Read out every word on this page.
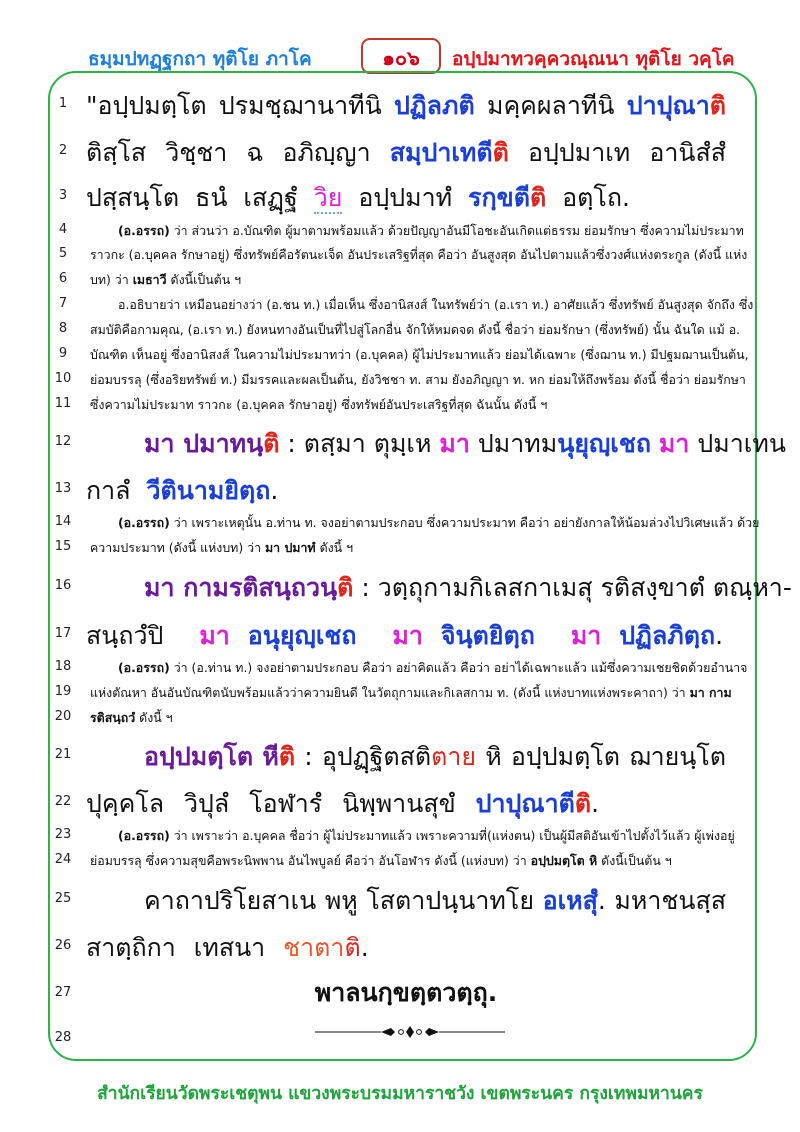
ธมฺมปทฏฺฐกถา ทุติโย ภาโค	๑๐๖	อปฺปมาทวคฺควณฺณนา ทุติโย วคฺโค
1
2
3
4
5
6
7
8
9
10
11
12
13
14
15
16
17
18
19
20
21
22
23
24
25
26
27
28
"อปฺปมตฺโต ปรมชฺฌานาทีนิ ปฏิลภติ มคฺคผลาทีนิ ปาปุณาติ
ติสฺโส วิชฺชา ฉ อภิญฺญา สมฺปาเทตีติ อปฺปมาเท อานิสํสํ
ปสฺสนฺโต ธนํ เสฏฺฐํ วิย อปฺปมาทํ รกฺขตีติ อตฺโถ.
(อ.อรรถ) ว่า ส่วนว่า อ.บัณฑิต ผู้มาตามพร้อมแล้ว ด้วยปัญญาอันมีโอชะอันเกิดแต่ธรรม ย่อมรักษา ซึ่งความไม่ประมาท
ราวกะ (อ.บุคคล รักษาอยู่) ซึ่งทรัพย์คือรัตนะเจ็ด อันประเสริฐที่สุด คือว่า อันสูงสุด อันไปตามแล้วซึ่งวงศ์แห่งตระกูล (ดังนี้ แห่ง
บท) ว่า เมธาวี ดังนี้เป็นต้น ฯ
อ.อธิบายว่า เหมือนอย่างว่า (อ.ชน ท.) เมื่อเห็น ซึ่งอานิสงส์ ในทรัพย์ว่า (อ.เรา ท.) อาศัยแล้ว ซึ่งทรัพย์ อันสูงสุด จักถึง ซึ่ง
สมบัติคือกามคุณ, (อ.เรา ท.) ยังหนทางอันเป็นที่ไปสู่โลกอื่น จักให้หมดจด ดังนี้ ชื่อว่า ย่อมรักษา (ซึ่งทรัพย์) นั้น ฉันใด แม้ อ.
บัณฑิต เห็นอยู่ ซึ่งอานิสงส์ ในความไม่ประมาทว่า (อ.บุคคล) ผู้ไม่ประมาทแล้ว ย่อมได้เฉพาะ (ซึ่งฌาน ท.) มีปฐมฌานเป็นต้น,
ย่อมบรรลุ (ซึ่งอริยทรัพย์ ท.) มีมรรคและผลเป็นต้น, ยังวิชชา ท. สาม ยังอภิญญา ท. หก ย่อมให้ถึงพร้อม ดังนี้ ชื่อว่า ย่อมรักษา
ซึ่งความไม่ประมาท ราวกะ (อ.บุคคล รักษาอยู่) ซึ่งทรัพย์อันประเสริฐที่สุด ฉันนั้น ดังนี้ ฯ
มา ปมาทนฺติ : ตสฺมา ตุมฺเห มา ปมาทมนุยุญฺเชถ มา ปมาเทน
กาลํ วีตินามยิตฺถ.
(อ.อรรถ) ว่า เพราะเหตุนั้น อ.ท่าน ท. จงอย่าตามประกอบ ซึ่งความประมาท คือว่า อย่ายังกาลให้น้อมล่วงไปวิเศษแล้ว ด้วย
ความประมาท (ดังนี้ แห่งบท) ว่า มา ปมาทํ ดังนี้ ฯ
มา กามรติสนฺถวนฺติ : วตฺถุกามกิเลสกาเมสุ รติสงฺขาตํ ตณฺหา-
สนฺถวํปิ มา อนุยุญฺเชถ มา จินฺตยิตฺถ มา ปฏิลภิตฺถ.
(อ.อรรถ) ว่า (อ.ท่าน ท.) จงอย่าตามประกอบ คือว่า อย่าคิดแล้ว คือว่า อย่าได้เฉพาะแล้ว แม้ซึ่งความเชยชิดด้วยอำนาจ
แห่งตัณหา อันอันบัณฑิตนับพร้อมแล้วว่าความยินดี ในวัตถุกามและกิเลสกาม ท. (ดังนี้ แห่งบาทแห่งพระคาถา) ว่า มา กาม
รติสนฺถวํ ดังนี้ ฯ
อปฺปมตฺโต หีติ : อุปฏฺฐิตสติตาย หิ อปฺปมตฺโต ฌายนฺโต
ปุคฺคโล วิปุลํ โอฬารํ นิพฺพานสุขํ ปาปุณาตีติ.
(อ.อรรถ) ว่า เพราะว่า อ.บุคคล ชื่อว่า ผู้ไม่ประมาทแล้ว เพราะความที่(แห่งตน) เป็นผู้มีสติอันเข้าไปตั้งไว้แล้ว ผู้เพ่งอยู่
ย่อมบรรลุ ซึ่งความสุขคือพระนิพพาน อันไพบูลย์ คือว่า อันโอฬาร ดังนี้ (แห่งบท) ว่า อปฺปมตฺโต หิ ดังนี้เป็นต้น ฯ
คาถาปริโยสาเน พหู โสตาปนฺนาทโย อเหสุํ. มหาชนสฺส
สาตฺถิกา เทสนา ชาตาติ.
พาลนกฺขตฺตวตฺถุ.
สำนักเรียนวัดพระเชตุพน แขวงพระบรมมหาราชวัง เขตพระนคร กรุงเทพมหานคร
